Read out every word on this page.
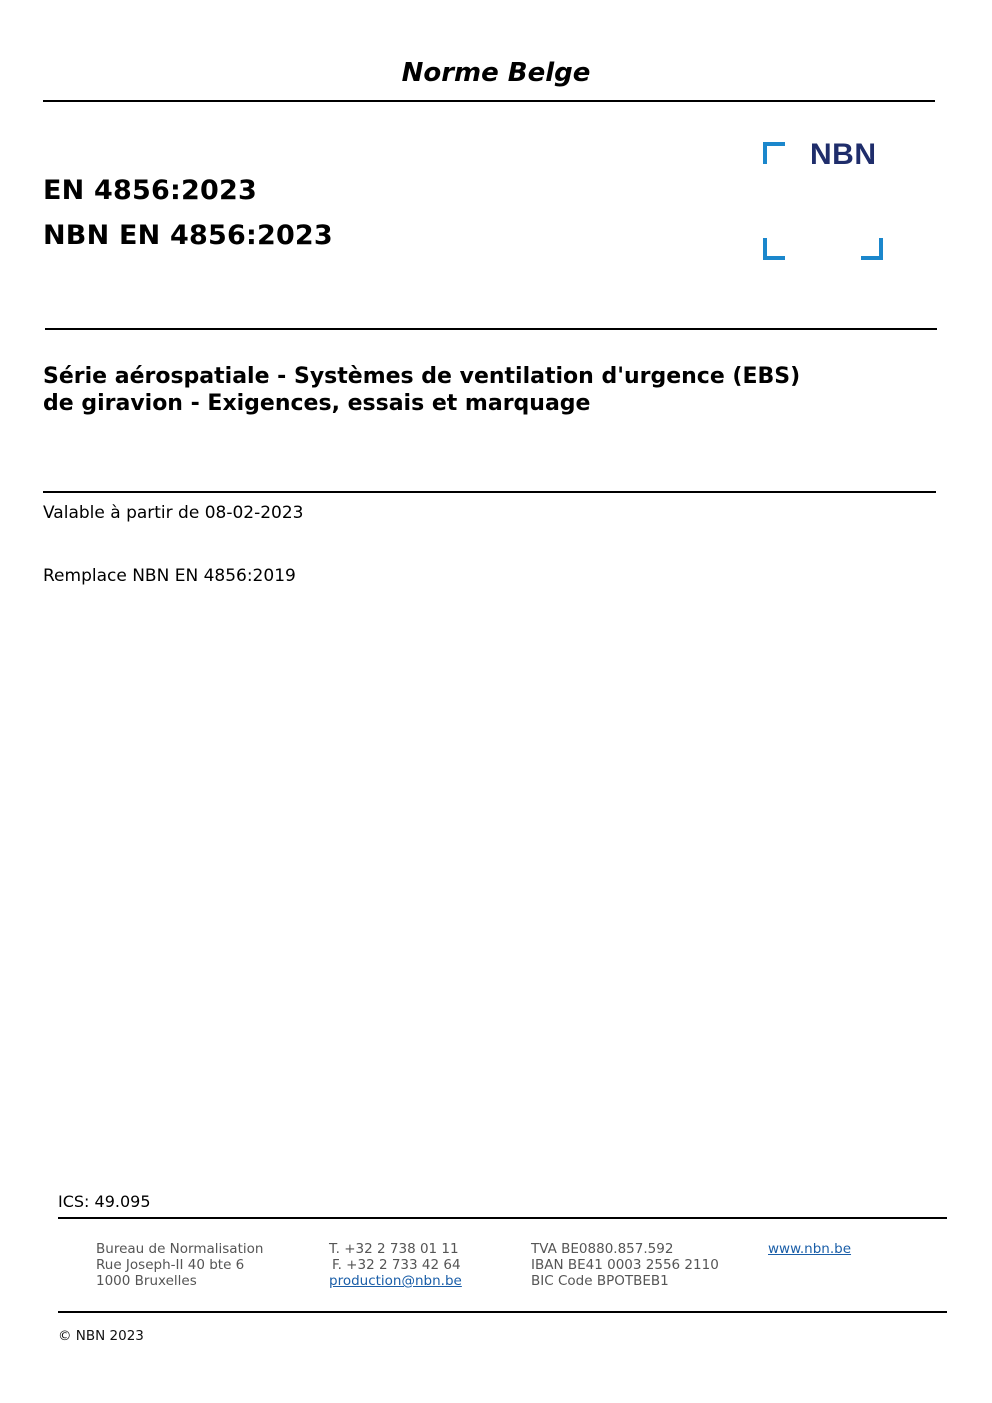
Norme Belge
EN 4856:2023
NBN EN 4856:2023
NBN
Série aérospatiale - Systèmes de ventilation d'urgence (EBS)
de giravion - Exigences, essais et marquage
Valable à partir de 08-02-2023
Remplace NBN EN 4856:2019
ICS: 49.095
Bureau de Normalisation
Rue Joseph-II 40 bte 6
1000 Bruxelles
T. +32 2 738 01 11
F. +32 2 733 42 64
production@nbn.be
TVA BE0880.857.592
IBAN BE41 0003 2556 2110
BIC Code BPOTBEB1
www.nbn.be
© NBN 2023
